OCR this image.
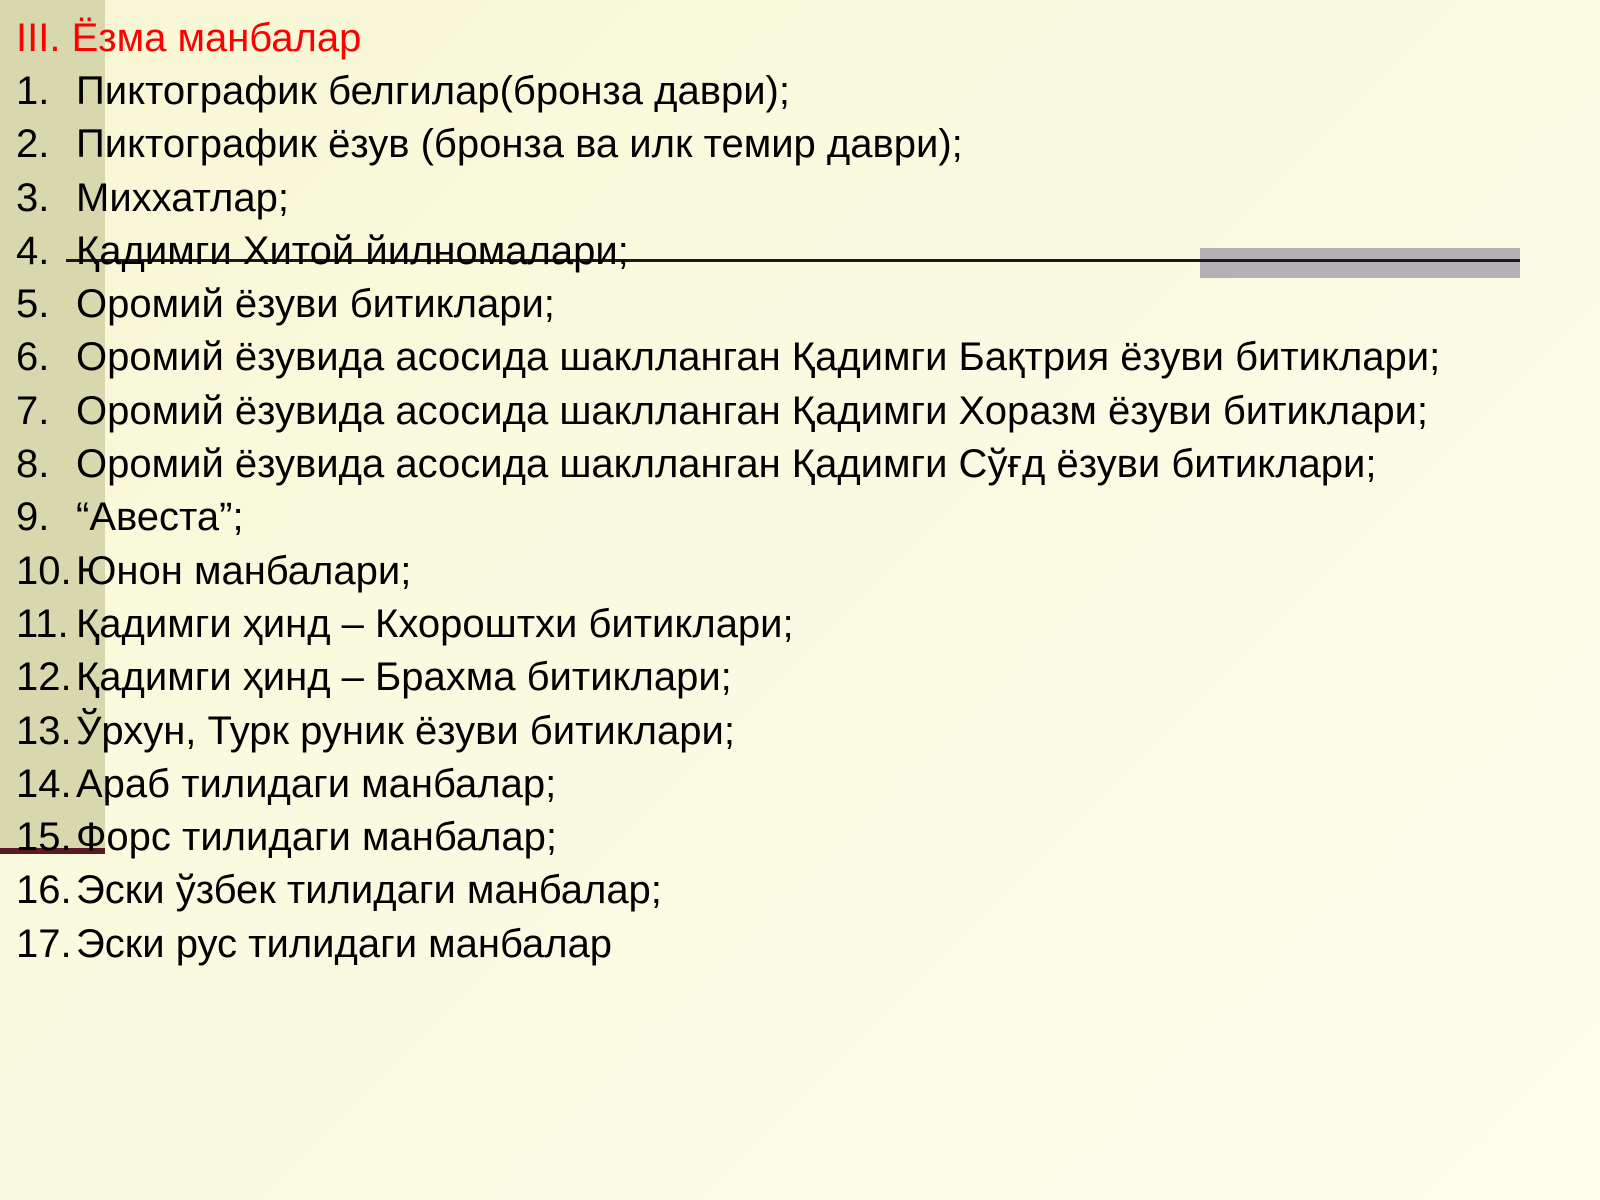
III. Ёзма манбалар
1. Пиктографик белгилар(бронза даври);
2. Пиктографик ёзув (бронза ва илк темир даври);
3. Миххатлар;
4. Қадимги Хитой йилномалари;
5. Оромий ёзуви битиклари;
6. Оромий ёзувида асосида шаклланган Қадимги Бақтрия ёзуви битиклари;
7. Оромий ёзувида асосида шаклланган Қадимги Хоразм ёзуви битиклари;
8. Оромий ёзувида асосида шаклланган Қадимги Сўғд ёзуви битиклари;
9. “Авеста”;
10. Юнон манбалари;
11. Қадимги ҳинд – Кхороштхи битиклари;
12. Қадимги ҳинд – Брахма битиклари;
13. Ўрхун, Турк руник ёзуви битиклари;
14. Араб тилидаги манбалар;
15. Форс тилидаги манбалар;
16. Эски ўзбек тилидаги манбалар;
17. Эски рус тилидаги манбалар
